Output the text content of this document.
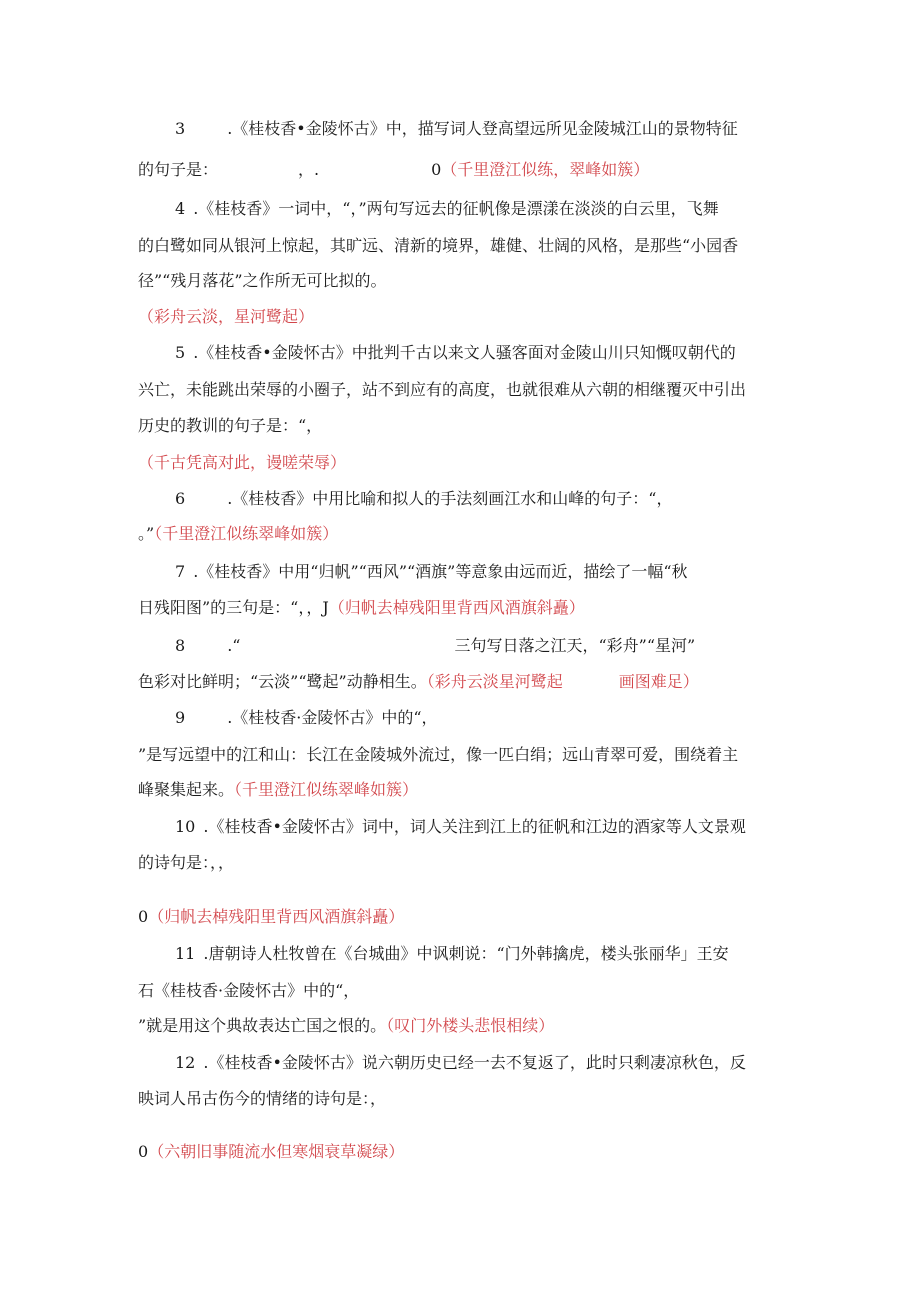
3	.《桂枝香•金陵怀古》中，描写词人登高望远所见金陵城江山的景物特征
的句子是：	，.	0（千里澄江似练，翠峰如簇）
4 .《桂枝香》一词中，“，”两句写远去的征帆像是漂漾在淡淡的白云里，飞舞
的白鹭如同从银河上惊起，其旷远、清新的境界，雄健、壮阔的风格，是那些“小园香
径”“残月落花”之作所无可比拟的。
（彩舟云淡，星河鹭起）
5 .《桂枝香•金陵怀古》中批判千古以来文人骚客面对金陵山川只知慨叹朝代的
兴亡，未能跳出荣辱的小圈子，站不到应有的高度，也就很难从六朝的相继覆灭中引出
历史的教训的句子是：“，
（千古凭高对此，谩嗟荣辱）
6	.《桂枝香》中用比喻和拟人的手法刻画江水和山峰的句子：“，
。”（千里澄江似练翠峰如簇）
7 .《桂枝香》中用“归帆”“西风”“酒旗”等意象由远而近，描绘了一幅“秋
日残阳图”的三句是：“，，J（归帆去棹残阳里背西风酒旗斜矗）
8	.“	三句写日落之江天，“彩舟”“星河”
色彩对比鲜明；“云淡”“鹭起”动静相生。（彩舟云淡星河鹭起	画图难足）
9	.《桂枝香·金陵怀古》中的“，
”是写远望中的江和山：长江在金陵城外流过，像一匹白绢；远山青翠可爱，围绕着主
峰聚集起来。（千里澄江似练翠峰如簇）
10 .《桂枝香•金陵怀古》词中，词人关注到江上的征帆和江边的酒家等人文景观
的诗句是：，，
0（归帆去棹残阳里背西风酒旗斜矗）
11 .唐朝诗人杜牧曾在《台城曲》中讽刺说：“门外韩擒虎，楼头张丽华」王安
石《桂枝香·金陵怀古》中的“，
”就是用这个典故表达亡国之恨的。（叹门外楼头悲恨相续）
12 .《桂枝香•金陵怀古》说六朝历史已经一去不复返了，此时只剩凄凉秋色，反
映词人吊古伤今的情绪的诗句是：，
0（六朝旧事随流水但寒烟衰草凝绿）
